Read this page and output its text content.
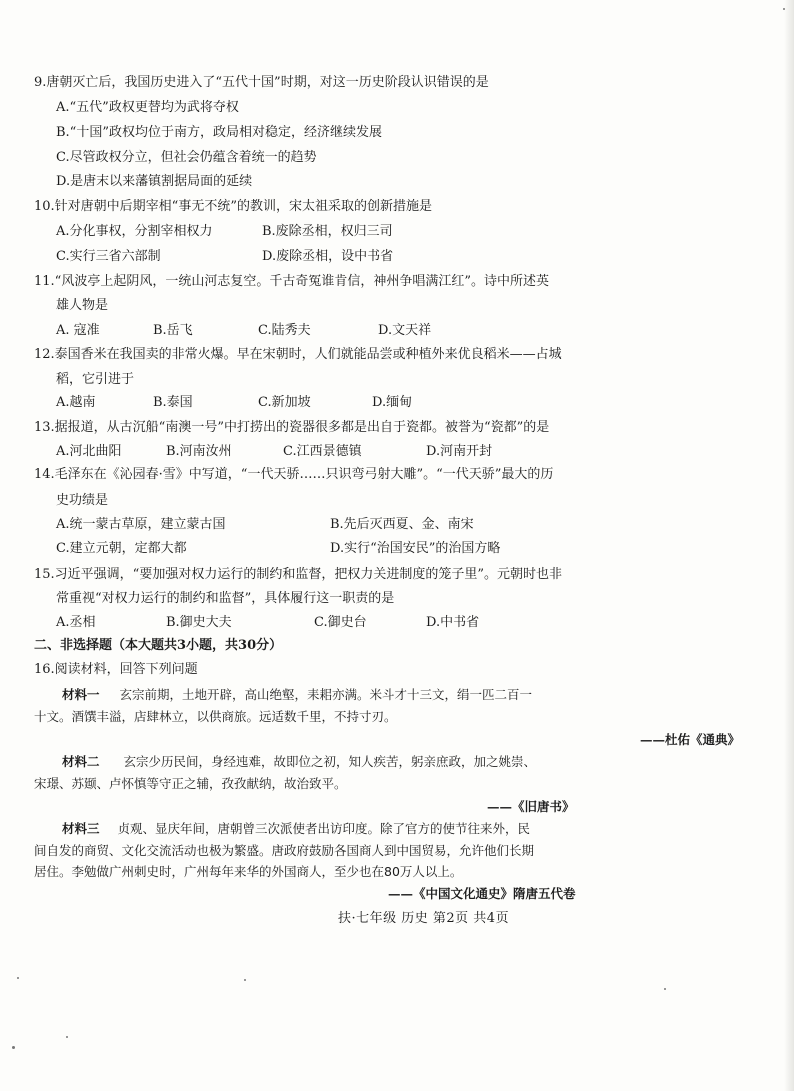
9.唐朝灭亡后，我国历史进入了“五代十国”时期，对这一历史阶段认识错误的是
A.“五代”政权更替均为武将夺权
B.“十国”政权均位于南方，政局相对稳定，经济继续发展
C.尽管政权分立，但社会仍蕴含着统一的趋势
D.是唐末以来藩镇割据局面的延续
10.针对唐朝中后期宰相“事无不统”的教训，宋太祖采取的创新措施是
A.分化事权，分割宰相权力	B.废除丞相，权归三司
C.实行三省六部制	D.废除丞相，设中书省
11.“风波亭上起阴风，一统山河志复空。千古奇冤谁肯信，神州争唱满江红”。诗中所述英
雄人物是
A. 寇准	B.岳飞	C.陆秀夫	D.文天祥
12.泰国香米在我国卖的非常火爆。早在宋朝时，人们就能品尝或种植外来优良稻米——占城
稻，它引进于
A.越南	B.泰国	C.新加坡	D.缅甸
13.据报道，从古沉船“南澳一号”中打捞出的瓷器很多都是出自于瓷都。被誉为“瓷都”的是
A.河北曲阳	B.河南汝州	C.江西景德镇	D.河南开封
14.毛泽东在《沁园春·雪》中写道，“一代天骄……只识弯弓射大雕”。“一代天骄”最大的历
史功绩是
A.统一蒙古草原，建立蒙古国	B.先后灭西夏、金、南宋
C.建立元朝，定都大都	D.实行“治国安民”的治国方略
15.习近平强调，“要加强对权力运行的制约和监督，把权力关进制度的笼子里”。元朝时也非
常重视“对权力运行的制约和监督”，具体履行这一职责的是
A.丞相	B.御史大夫	C.御史台	D.中书省
二、非选择题（本大题共3小题，共30分）
16.阅读材料，回答下列问题
材料一 玄宗前期，土地开辟，高山绝壑，耒耜亦满。米斗才十三文，绢一匹二百一
十文。酒馔丰溢，店肆林立，以供商旅。远适数千里，不持寸刃。
——杜佑《通典》
材料二 玄宗少历民间，身经迍难，故即位之初，知人疾苦，躬亲庶政，加之姚崇、
宋璟、苏颋、卢怀慎等守正之辅，孜孜献纳，故治致平。
——《旧唐书》
材料三 贞观、显庆年间，唐朝曾三次派使者出访印度。除了官方的使节往来外，民
间自发的商贸、文化交流活动也极为繁盛。唐政府鼓励各国商人到中国贸易，允许他们长期
居住。李勉做广州刺史时，广州每年来华的外国商人，至少也在80万人以上。
——《中国文化通史》隋唐五代卷
扶·七年级 历史 第2页 共4页
